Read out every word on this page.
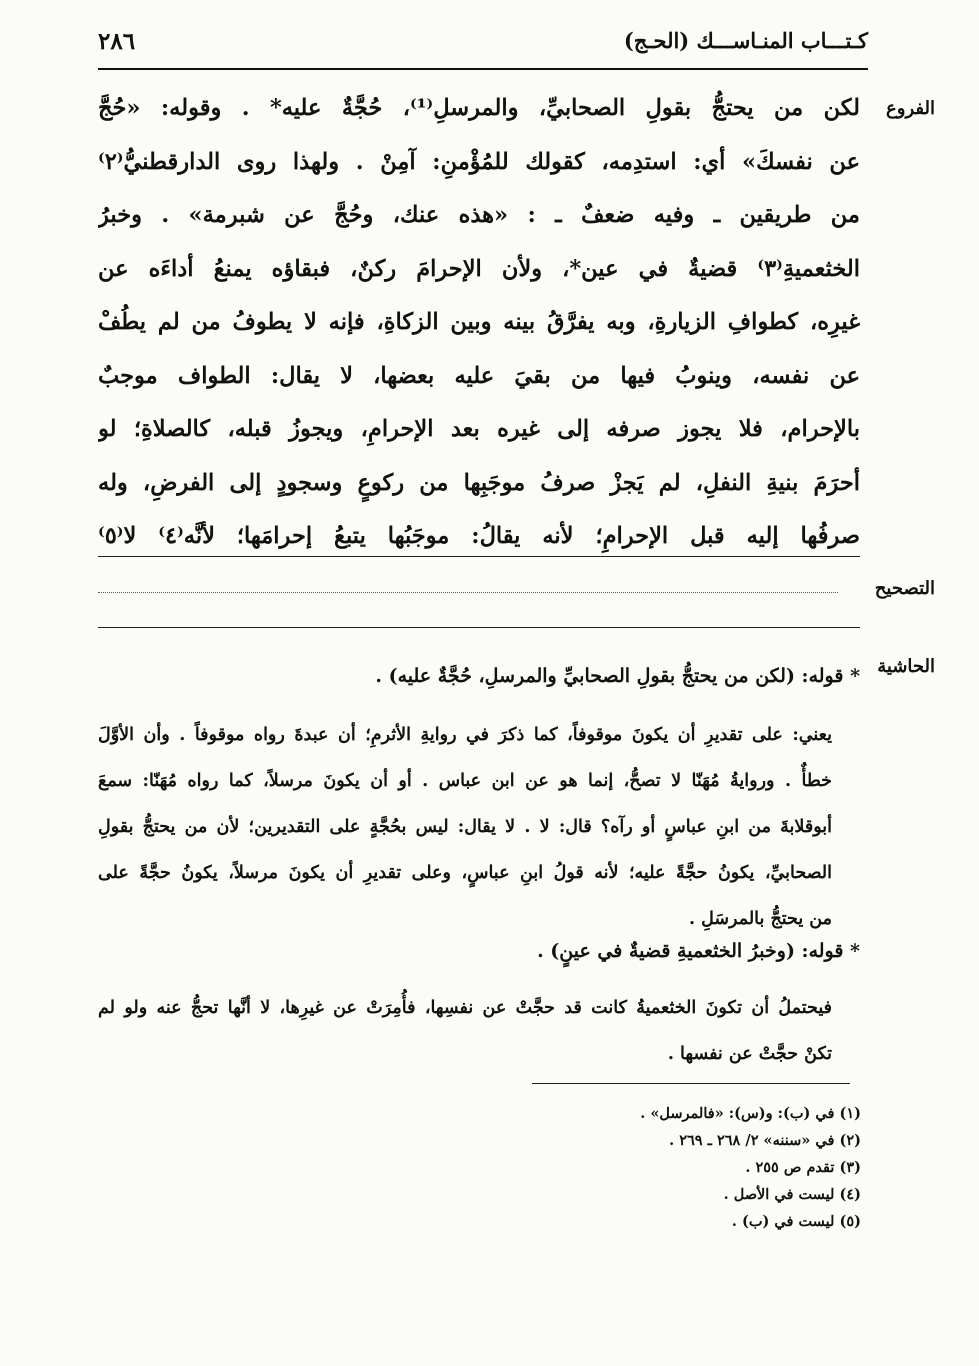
كـتـــاب المنـاســـك (الحـج)
٢٨٦
الفروع
لكن من يحتجُّ بقولِ الصحابيِّ، والمرسلِ⁽¹⁾، حُجَّةٌ عليه* . وقوله: «حُجَّ
عن نفسكَ» أي: استدِمه، كقولك للمُؤْمنِ: آمِنْ . ولهذا روى الدارقطنيُّ⁽٢⁾
من طريقين ـ وفيه ضعفٌ ـ : «هذه عنك، وحُجَّ عن شبرمة» . وخبرُ
الخثعميةِ⁽٣⁾ قضيةٌ في عين*، ولأن الإحرامَ ركنٌ، فبقاؤه يمنعُ أداءَه عن
غيرِه، كطوافِ الزيارةِ، وبه يفرَّقُ بينه وبين الزكاةِ، فإنه لا يطوفُ من لم يطُفْ
عن نفسه، وينوبُ فيها من بقيَ عليه بعضها، لا يقال: الطواف موجبٌ
بالإحرام، فلا يجوز صرفه إلى غيره بعد الإحرامِ، ويجوزُ قبله، كالصلاةِ؛ لو
أحرَمَ بنيةِ النفلِ، لم يَجزْ صرفُ موجَبِها من ركوعٍ وسجودٍ إلى الفرضِ، وله
صرفُها إليه قبل الإحرامِ؛ لأنه يقالُ: موجَبُها يتبعُ إحرامَها؛ لأنَّه⁽٤⁾ لا⁽٥⁾
التصحيح
الحاشية
* قوله: (لكن من يحتجُّ بقولِ الصحابيِّ والمرسلِ، حُجَّةٌ عليه) .
يعني: على تقديرِ أن يكونَ موقوفاً، كما ذكرَ في روايةِ الأثرمِ؛ أن عبدةَ رواه موقوفاً . وأن الأوَّلَ
خطأٌ . وروايةُ مُهَنّا لا تصحُّ، إنما هو عن ابن عباس . أو أن يكونَ مرسلاً، كما رواه مُهَنّا: سمعَ
أبوقلابةَ من ابنِ عباسٍ أو رآه؟ قال: لا . لا يقال: ليس بحُجَّةٍ على التقديرين؛ لأن من يحتجُّ بقولِ
الصحابيِّ، يكونُ حجَّةً عليه؛ لأنه قولُ ابنِ عباسٍ، وعلى تقديرِ أن يكونَ مرسلاً، يكونُ حجَّةً على
من يحتجُّ بالمرسَلِ .
* قوله: (وخبرُ الخثعميةِ قضيةٌ في عينٍ) .
فيحتملُ أن تكونَ الخثعميةُ كانت قد حجَّتْ عن نفسِها، فأُمِرَتْ عن غيرِها، لا أنَّها تحجُّ عنه ولو لم
تكنْ حجَّتْ عن نفسها .
(١) في (ب): و(س): «فالمرسل» .
(٢) في «سننه» ٢/ ٢٦٨ ـ ٢٦٩ .
(٣) تقدم ص ٢٥٥ .
(٤) ليست في الأصل .
(٥) ليست في (ب) .
